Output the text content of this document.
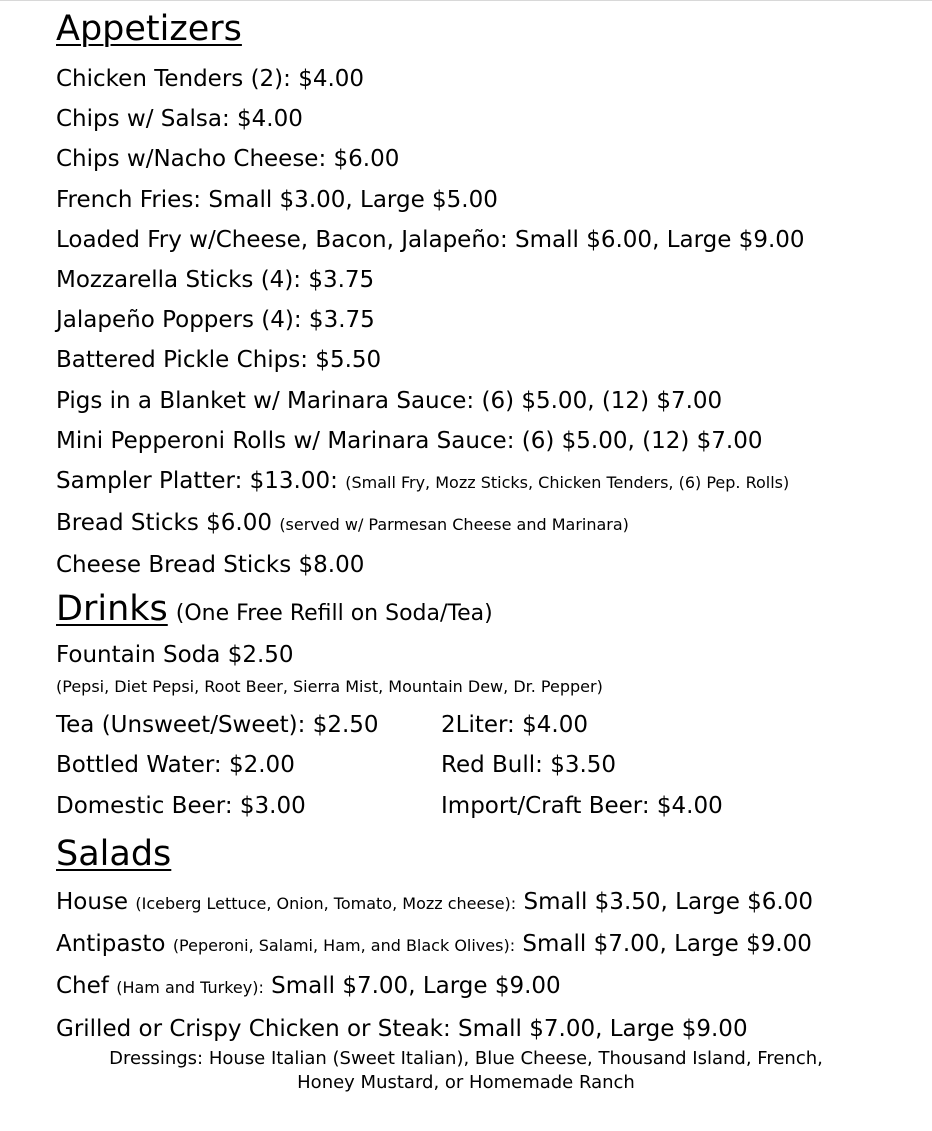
Appetizers
Chicken Tenders (2): $4.00
Chips w/ Salsa: $4.00
Chips w/Nacho Cheese: $6.00
French Fries: Small $3.00, Large $5.00
Loaded Fry w/Cheese, Bacon, Jalapeño: Small $6.00, Large $9.00
Mozzarella Sticks (4): $3.75
Jalapeño Poppers (4): $3.75
Battered Pickle Chips: $5.50
Pigs in a Blanket w/ Marinara Sauce: (6) $5.00, (12) $7.00
Mini Pepperoni Rolls w/ Marinara Sauce: (6) $5.00, (12) $7.00
Sampler Platter: $13.00: (Small Fry, Mozz Sticks, Chicken Tenders, (6) Pep. Rolls)
Bread Sticks $6.00 (served w/ Parmesan Cheese and Marinara)
Cheese Bread Sticks $8.00
Drinks (One Free Refill on Soda/Tea)
Fountain Soda $2.50
(Pepsi, Diet Pepsi, Root Beer, Sierra Mist, Mountain Dew, Dr. Pepper)
Tea (Unsweet/Sweet): $2.50	2Liter: $4.00
Bottled Water: $2.00	Red Bull: $3.50
Domestic Beer: $3.00	Import/Craft Beer: $4.00
Salads
House (Iceberg Lettuce, Onion, Tomato, Mozz cheese): Small $3.50, Large $6.00
Antipasto (Peperoni, Salami, Ham, and Black Olives): Small $7.00, Large $9.00
Chef (Ham and Turkey): Small $7.00, Large $9.00
Grilled or Crispy Chicken or Steak: Small $7.00, Large $9.00
Dressings: House Italian (Sweet Italian), Blue Cheese, Thousand Island, French,
Honey Mustard, or Homemade Ranch
